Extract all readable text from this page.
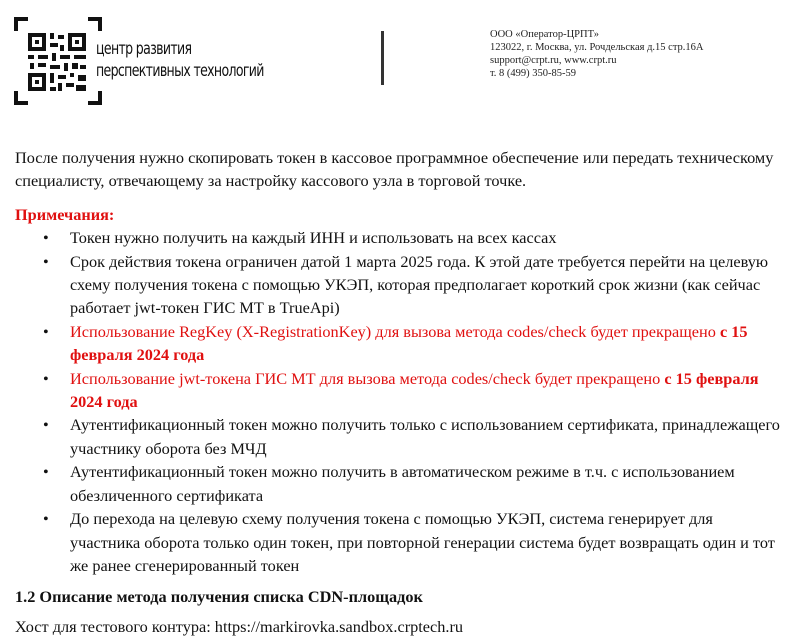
центр развития
перспективных технологий
ООО «Оператор-ЦРПТ»
123022, г. Москва, ул. Рочдельская д.15 стр.16А
support@crpt.ru, www.crpt.ru
т. 8 (499) 350-85-59

После получения нужно скопировать токен в кассовое программное обеспечение или передать техническому специалисту, отвечающему за настройку кассового узла в торговой точке.

Примечания:

• Токен нужно получить на каждый ИНН и использовать на всех кассах
• Срок действия токена ограничен датой 1 марта 2025 года. К этой дате требуется перейти на целевую схему получения токена с помощью УКЭП, которая предполагает короткий срок жизни (как сейчас работает jwt-токен ГИС МТ в TrueApi)
• Использование RegKey (X-RegistrationKey) для вызова метода codes/check будет прекращено с 15 февраля 2024 года
• Использование jwt-токена ГИС МТ для вызова метода codes/check будет прекращено с 15 февраля 2024 года
• Аутентификационный токен можно получить только с использованием сертификата, принадлежащего участнику оборота без МЧД
• Аутентификационный токен можно получить в автоматическом режиме в т.ч. с использованием обезличенного сертификата
• До перехода на целевую схему получения токена с помощью УКЭП, система генерирует для участника оборота только один токен, при повторной генерации система будет возвращать один и тот же ранее сгенерированный токен
1.2 Описание метода получения списка CDN-площадок

Хост для тестового контура: https://markirovka.sandbox.crptech.ru
